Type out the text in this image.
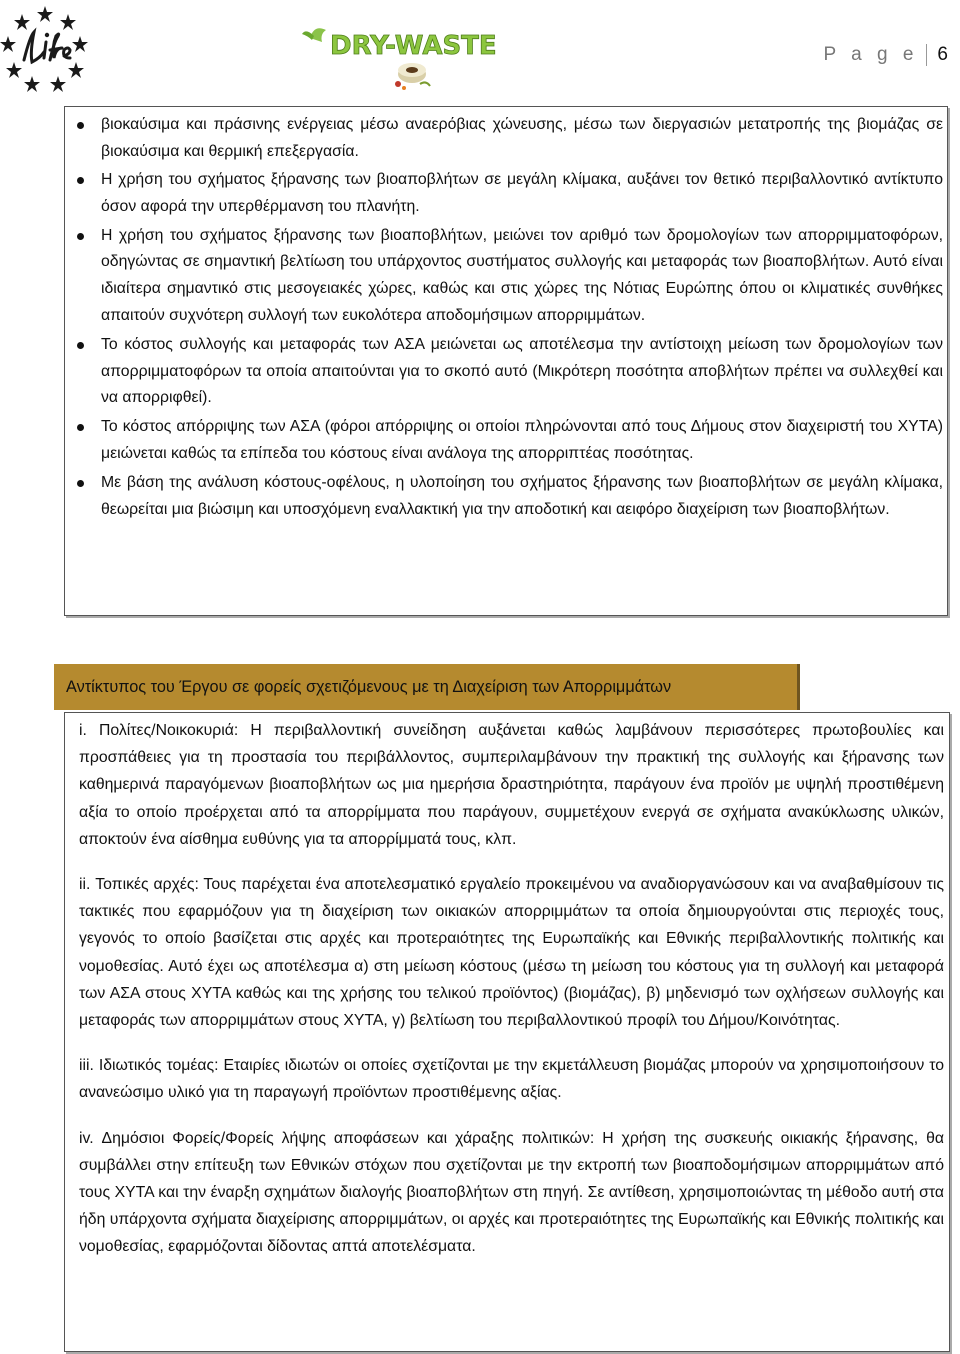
DRY-WASTE	P a g e 6
βιοκαύσιμα και πράσινης ενέργειας μέσω αναερόβιας χώνευσης, μέσω των διεργασιών μετατροπής της βιομάζας σε βιοκαύσιμα και θερμική επεξεργασία.
Η χρήση του σχήματος ξήρανσης των βιοαποβλήτων σε μεγάλη κλίμακα, αυξάνει τον θετικό περιβαλλοντικό αντίκτυπο όσον αφορά την υπερθέρμανση του πλανήτη.
Η χρήση του σχήματος ξήρανσης των βιοαποβλήτων, μειώνει τον αριθμό των δρομολογίων των απορριμματοφόρων, οδηγώντας σε σημαντική βελτίωση του υπάρχοντος συστήματος συλλογής και μεταφοράς των βιοαποβλήτων. Αυτό είναι ιδιαίτερα σημαντικό στις μεσογειακές χώρες, καθώς και στις χώρες της Νότιας Ευρώπης όπου οι κλιματικές συνθήκες απαιτούν συχνότερη συλλογή των ευκολότερα αποδομήσιμων απορριμμάτων.
Το κόστος συλλογής και μεταφοράς των ΑΣΑ μειώνεται ως αποτέλεσμα την αντίστοιχη μείωση των δρομολογίων των απορριμματοφόρων τα οποία απαιτούνται για το σκοπό αυτό (Μικρότερη ποσότητα αποβλήτων πρέπει να συλλεχθεί και να απορριφθεί).
Το κόστος απόρριψης των ΑΣΑ (φόροι απόρριψης οι οποίοι πληρώνονται από τους Δήμους στον διαχειριστή του ΧΥΤΑ) μειώνεται καθώς τα επίπεδα του κόστους είναι ανάλογα της απορριπτέας ποσότητας.
Με βάση της ανάλυση κόστους-οφέλους, η υλοποίηση του σχήματος ξήρανσης των βιοαποβλήτων σε μεγάλη κλίμακα, θεωρείται μια βιώσιμη και υποσχόμενη εναλλακτική για την αποδοτική και αειφόρο διαχείριση των βιοαποβλήτων.
Αντίκτυπος του Έργου σε φορείς σχετιζόμενους με τη Διαχείριση των Απορριμμάτων

i. Πολίτες/Νοικοκυριά: Η περιβαλλοντική συνείδηση αυξάνεται καθώς λαμβάνουν περισσότερες πρωτοβουλίες και προσπάθειες για τη προστασία του περιβάλλοντος, συμπεριλαμβάνουν την πρακτική της συλλογής και ξήρανσης των καθημερινά παραγόμενων βιοαποβλήτων ως μια ημερήσια δραστηριότητα, παράγουν ένα προϊόν με υψηλή προστιθέμενη αξία το οποίο προέρχεται από τα απορρίμματα που παράγουν, συμμετέχουν ενεργά σε σχήματα ανακύκλωσης υλικών, αποκτούν ένα αίσθημα ευθύνης για τα απορρίμματά τους, κλπ.

ii. Τοπικές αρχές: Τους παρέχεται ένα αποτελεσματικό εργαλείο προκειμένου να αναδιοργανώσουν και να αναβαθμίσουν τις τακτικές που εφαρμόζουν για τη διαχείριση των οικιακών απορριμμάτων τα οποία δημιουργούνται στις περιοχές τους, γεγονός το οποίο βασίζεται στις αρχές και προτεραιότητες της Ευρωπαϊκής και Εθνικής περιβαλλοντικής πολιτικής και νομοθεσίας. Αυτό έχει ως αποτέλεσμα α) στη μείωση κόστους (μέσω τη μείωση του κόστους για τη συλλογή και μεταφορά των ΑΣΑ στους ΧΥΤΑ καθώς και της χρήσης του τελικού προϊόντος) (βιομάζας), β) μηδενισμό των οχλήσεων συλλογής και μεταφοράς των απορριμμάτων στους ΧΥΤΑ, γ) βελτίωση του περιβαλλοντικού προφίλ του Δήμου/Κοινότητας.

iii. Ιδιωτικός τομέας: Εταιρίες ιδιωτών οι οποίες σχετίζονται με την εκμετάλλευση βιομάζας μπορούν να χρησιμοποιήσουν το ανανεώσιμο υλικό για τη παραγωγή προϊόντων προστιθέμενης αξίας.

iv. Δημόσιοι Φορείς/Φορείς λήψης αποφάσεων και χάραξης πολιτικών: Η χρήση της συσκευής οικιακής ξήρανσης, θα συμβάλλει στην επίτευξη των Εθνικών στόχων που σχετίζονται με την εκτροπή των βιοαποδομήσιμων απορριμμάτων από τους ΧΥΤΑ και την έναρξη σχημάτων διαλογής βιοαποβλήτων στη πηγή. Σε αντίθεση, χρησιμοποιώντας τη μέθοδο αυτή στα ήδη υπάρχοντα σχήματα διαχείρισης απορριμμάτων, οι αρχές και προτεραιότητες της Ευρωπαϊκής και Εθνικής πολιτικής και νομοθεσίας, εφαρμόζονται δίδοντας απτά αποτελέσματα.
